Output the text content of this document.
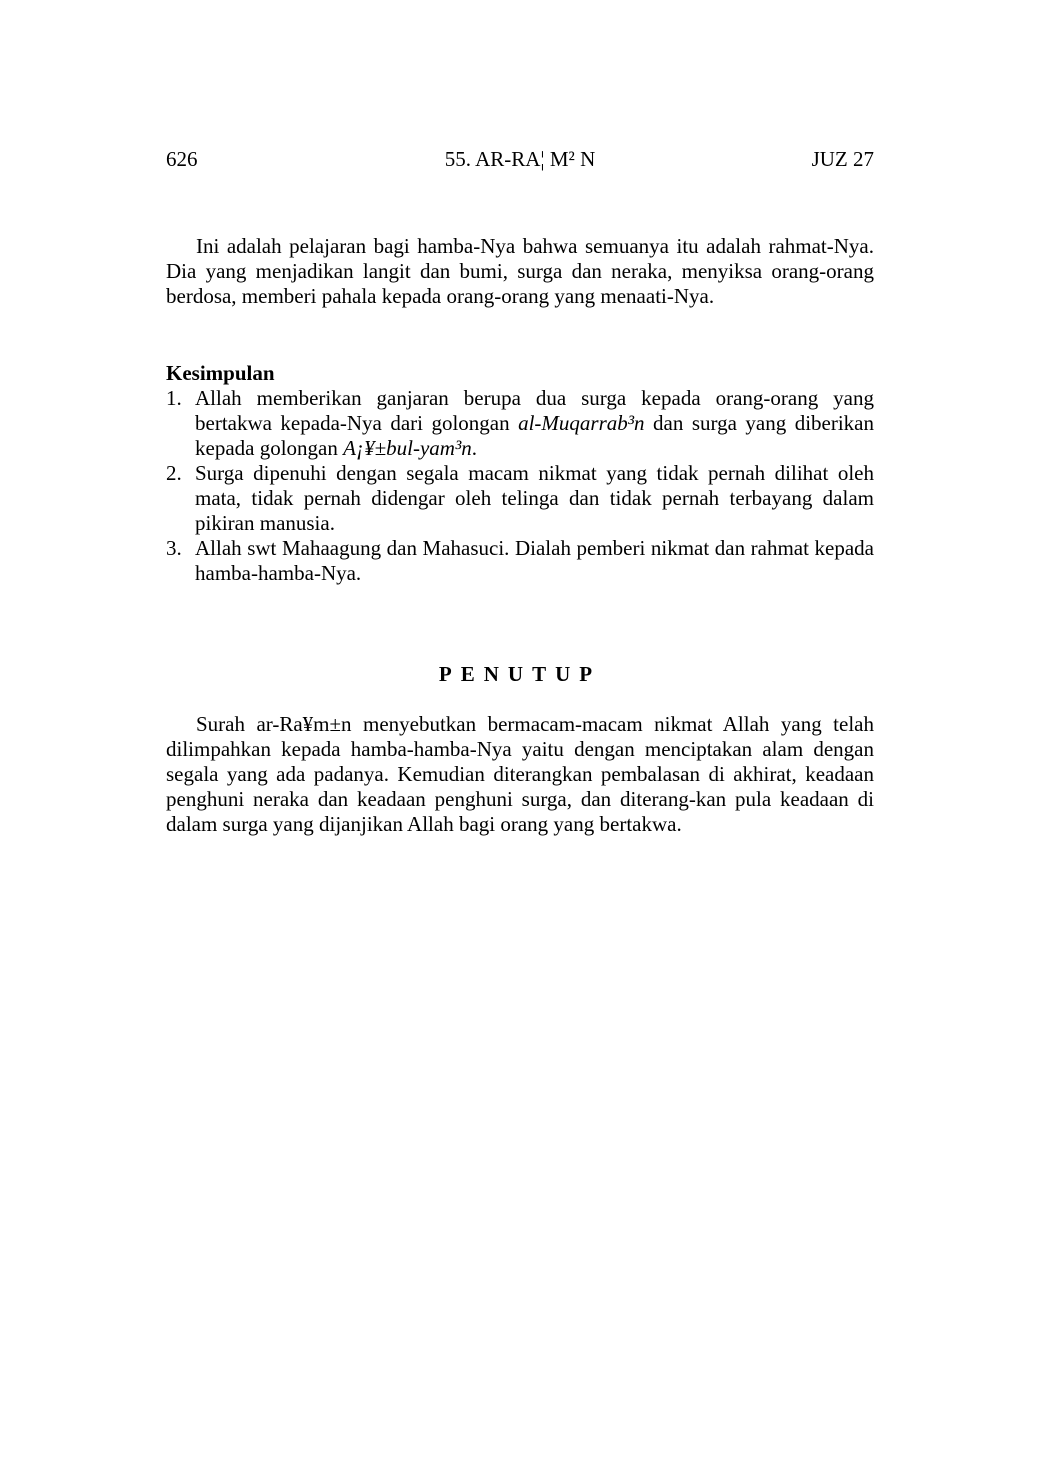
626	55. AR-RA¦ M² N	JUZ 27

Ini adalah pelajaran bagi hamba-Nya bahwa semuanya itu adalah rahmat-Nya. Dia yang menjadikan langit dan bumi, surga dan neraka, menyiksa orang-orang berdosa, memberi pahala kepada orang-orang yang menaati-Nya.

Kesimpulan
1. Allah memberikan ganjaran berupa dua surga kepada orang-orang yang bertakwa kepada-Nya dari golongan al-Muqarrab³n dan surga yang diberikan kepada golongan A¡¥±bul-yam³n.
2. Surga dipenuhi dengan segala macam nikmat yang tidak pernah dilihat oleh mata, tidak pernah didengar oleh telinga dan tidak pernah terbayang dalam pikiran manusia.
3. Allah swt Mahaagung dan Mahasuci. Dialah pemberi nikmat dan rahmat kepada hamba-hamba-Nya.
PENUTUP

Surah ar-Ra¥m±n menyebutkan bermacam-macam nikmat Allah yang telah dilimpahkan kepada hamba-hamba-Nya yaitu dengan menciptakan alam dengan segala yang ada padanya. Kemudian diterangkan pembalasan di akhirat, keadaan penghuni neraka dan keadaan penghuni surga, dan diterang-kan pula keadaan di dalam surga yang dijanjikan Allah bagi orang yang bertakwa.
